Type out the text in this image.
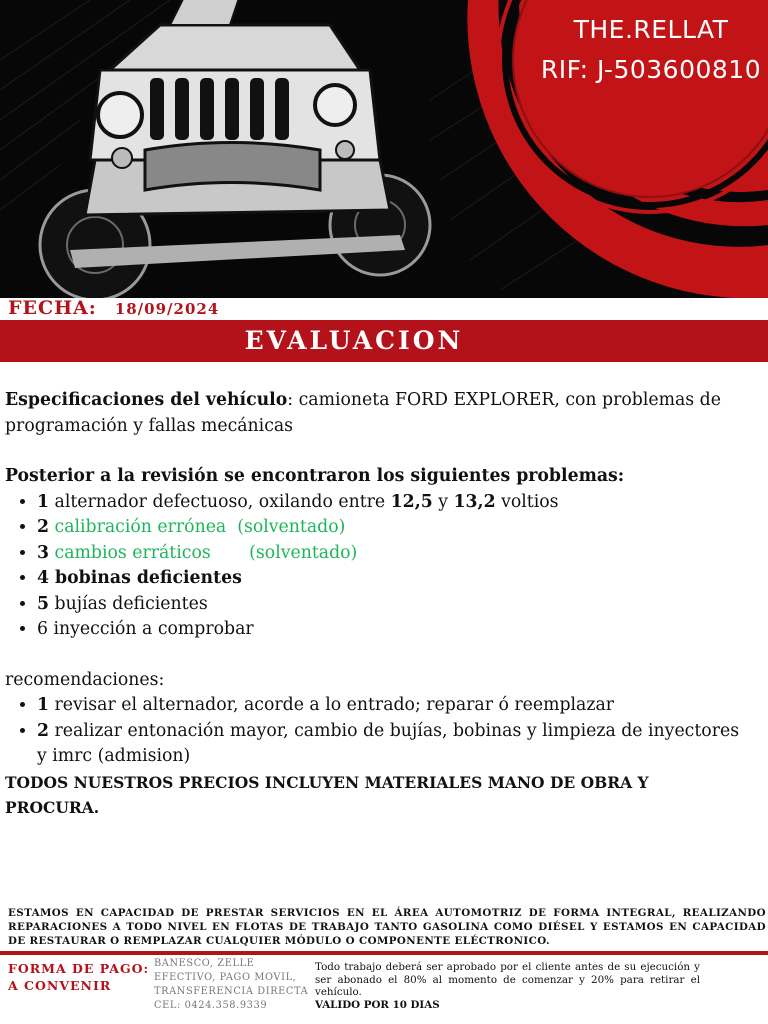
THE.RELLAT
RIF: J-503600810
FECHA: 18/09/2024
EVALUACION

Especificaciones del vehículo: camioneta FORD EXPLORER, con problemas de programación y fallas mecánicas

Posterior a la revisión se encontraron los siguientes problemas:

• 1 alternador defectuoso, oxilando entre 12,5 y 13,2 voltios
• 2 calibración errónea  (solventado)
• 3 cambios erráticos       (solventado)
• 4 bobinas deficientes
• 5 bujías deficientes
• 6 inyección a comprobar

recomendaciones:

• 1 revisar el alternador, acorde a lo entrado; reparar ó reemplazar
• 2 realizar entonación mayor, cambio de bujías, bobinas y limpieza de inyectores y imrc (admision)

TODOS NUESTROS PRECIOS INCLUYEN MATERIALES MANO DE OBRA Y PROCURA.

ESTAMOS EN CAPACIDAD DE PRESTAR SERVICIOS EN EL ÁREA AUTOMOTRIZ DE FORMA INTEGRAL, REALIZANDO REPARACIONES A TODO NIVEL EN FLOTAS DE TRABAJO TANTO GASOLINA COMO DIÉSEL Y ESTAMOS EN CAPACIDAD DE RESTAURAR O REMPLAZAR CUALQUIER MÓDULO O COMPONENTE ELÉCTRONICO.
FORMA DE PAGO:
A CONVENIR
BANESCO, ZELLE
EFECTIVO, PAGO MOVIL,
TRANSFERENCIA DIRECTA
CEL: 0424.358.9339
Todo trabajo deberá ser aprobado por el cliente antes de su ejecución y ser abonado el 80% al momento de comenzar y 20% para retirar el vehículo.
VALIDO POR 10 DIAS
